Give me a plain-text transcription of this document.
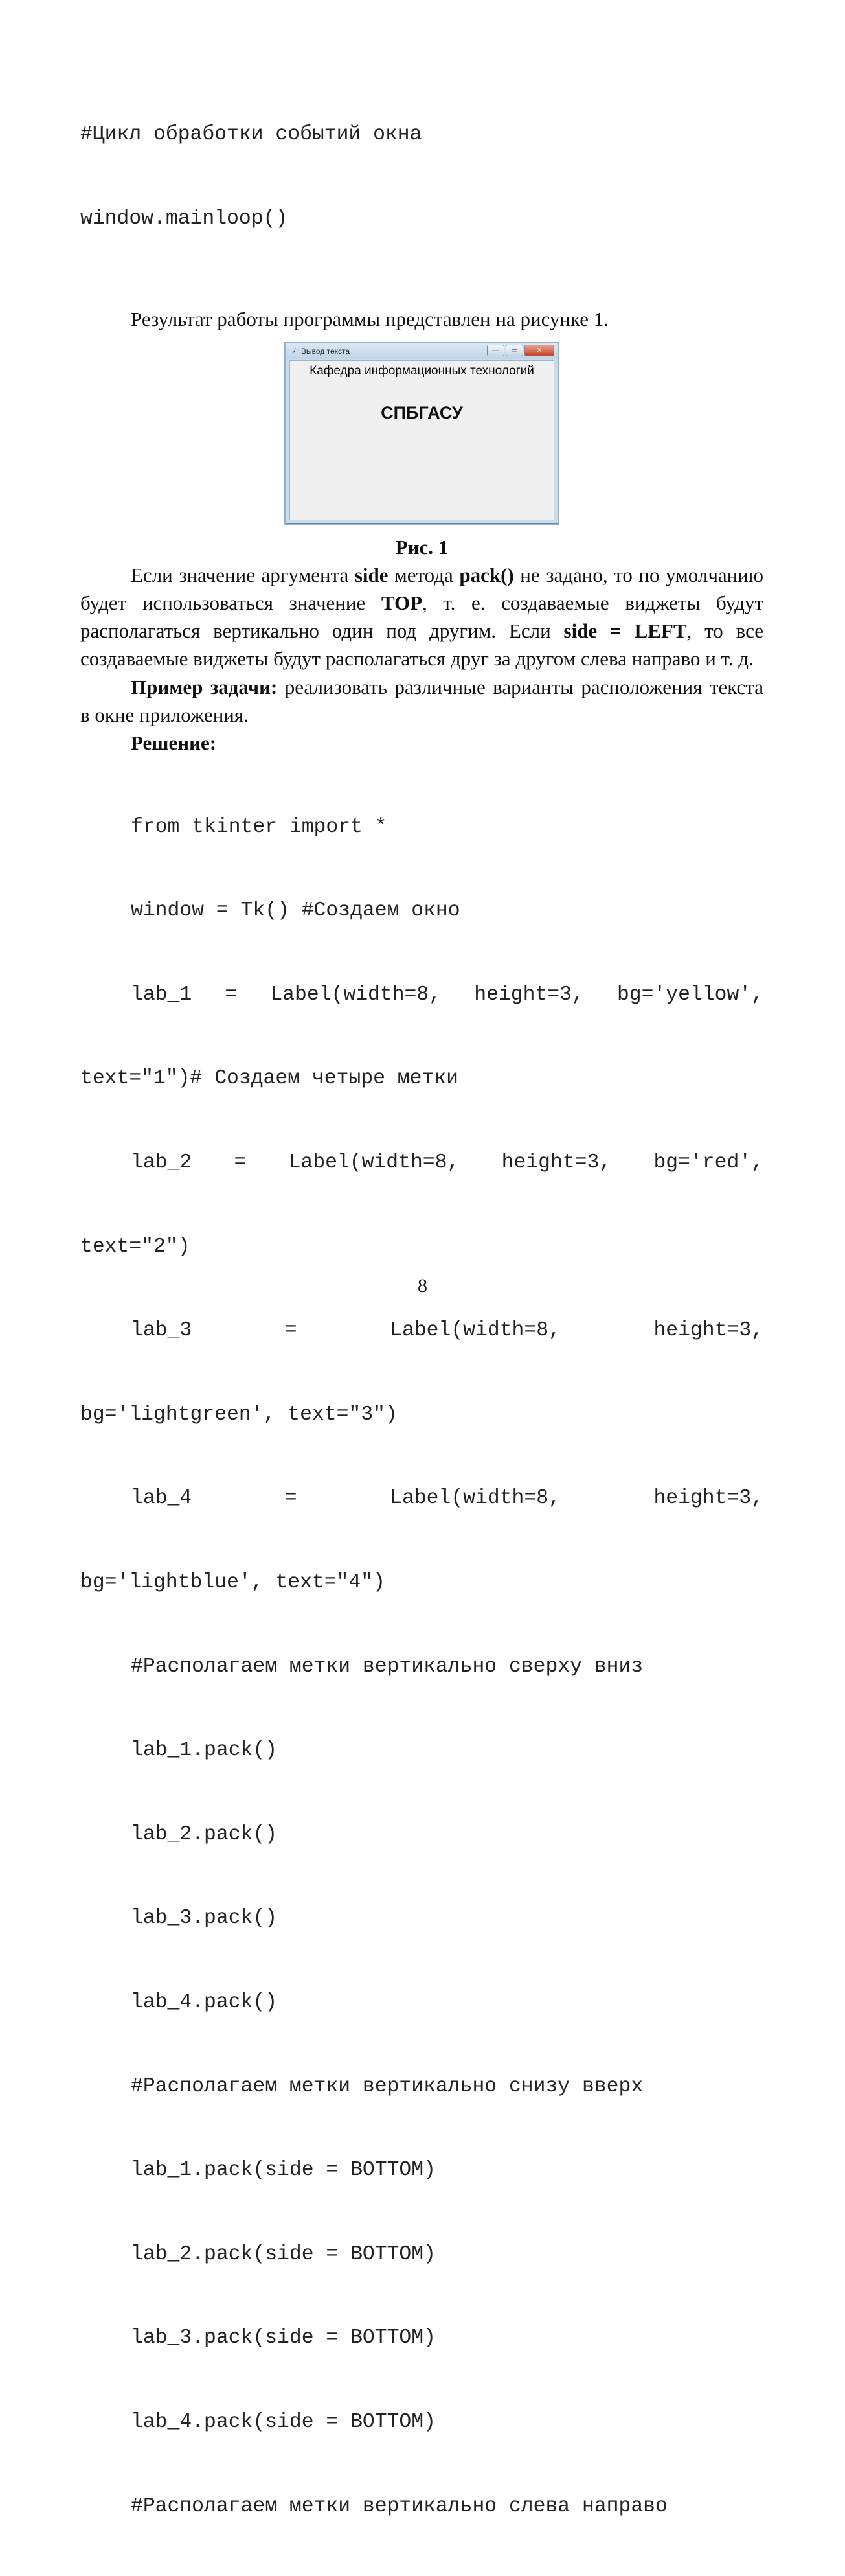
#Цикл обработки событий окна

window.mainloop()

Результат работы программы представлен на рисунке 1.

Вывод текста	—	▭	✕
Кафедра информационных технологий
СПБГАСУ
Рис. 1

Если значение аргумента side метода pack() не задано, то по умолчанию будет использоваться значение TOP, т. е. создаваемые виджеты будут располагаться вертикально один под другим. Если side = LEFT, то все создаваемые виджеты будут располагаться друг за другом слева направо и т. д.

Пример задачи: реализовать различные варианты расположения текста в окне приложения.

Решение:

from tkinter import *

window = Tk() #Создаем окно

lab_1 = Label(width=8, height=3, bg='yellow',

text="1")# Создаем четыре метки

lab_2 = Label(width=8, height=3, bg='red',

text="2")

lab_3	=	Label(width=8,	height=3,

bg='lightgreen', text="3")

lab_4	=	Label(width=8,	height=3,

bg='lightblue', text="4")

#Располагаем метки вертикально сверху вниз

lab_1.pack()

lab_2.pack()

lab_3.pack()

lab_4.pack()

#Располагаем метки вертикально снизу вверх

lab_1.pack(side = BOTTOM)

lab_2.pack(side = BOTTOM)

lab_3.pack(side = BOTTOM)

lab_4.pack(side = BOTTOM)

#Располагаем метки вертикально слева направо

8
